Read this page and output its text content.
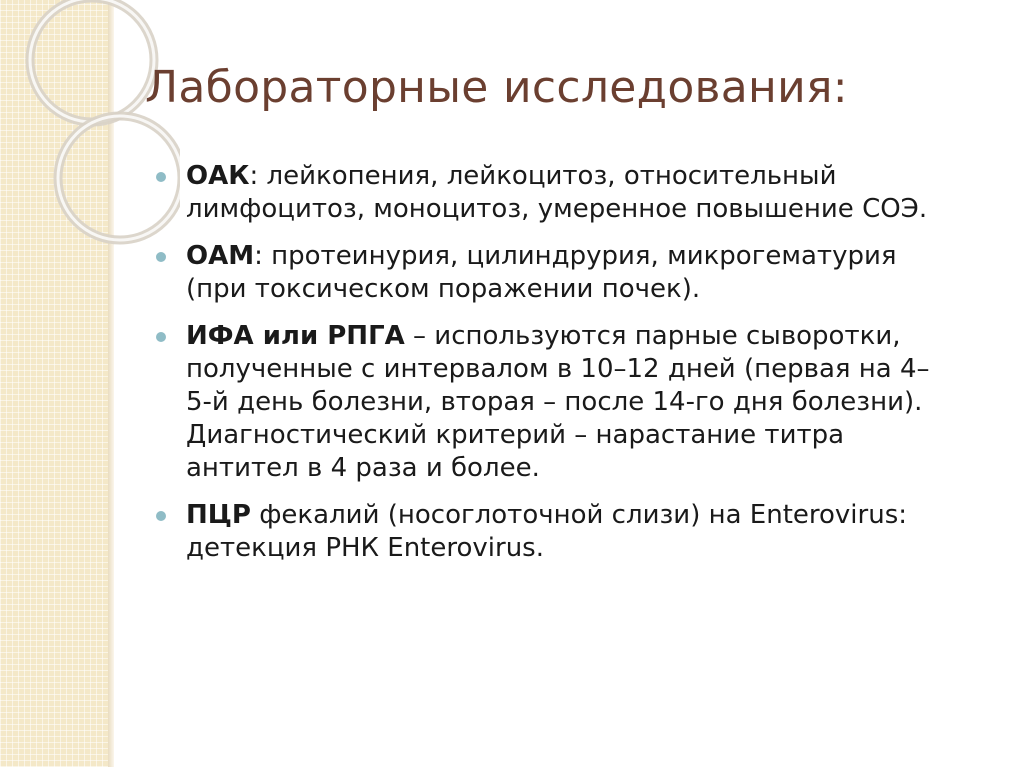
Лабораторные исследования:
ОАК: лейкопения, лейкоцитоз, относительный лимфоцитоз, моноцитоз, умеренное повышение СОЭ.
ОАМ: протеинурия, цилиндрурия, микрогематурия (при токсическом поражении почек).
ИФА или РПГА – используются парные сыворотки, полученные с интервалом в 10–12 дней (первая на 4–5-й день болезни, вторая – после 14-го дня болезни). Диагностический критерий – нарастание титра антител в 4 раза и более.
ПЦР фекалий (носоглоточной слизи) на Enterovirus: детекция РНК Enterovirus.
